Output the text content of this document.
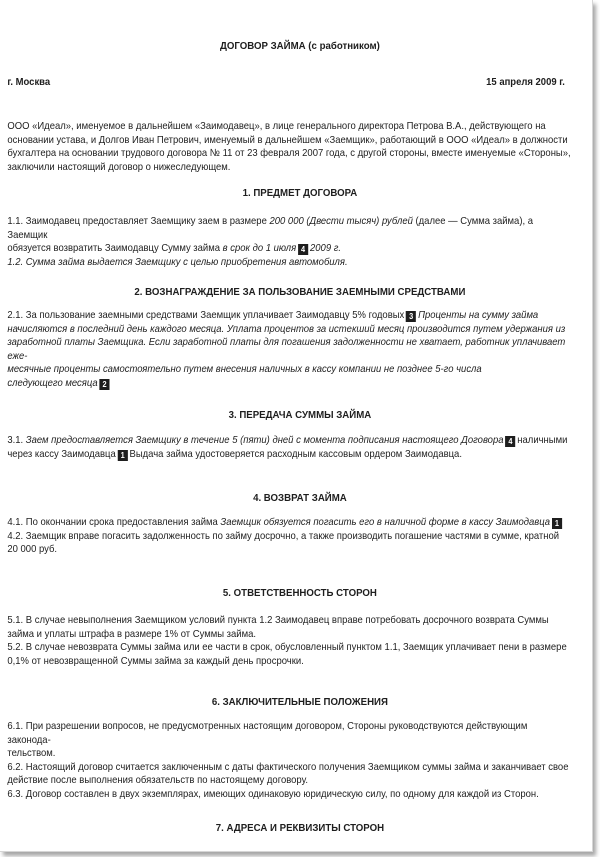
ДОГОВОР ЗАЙМА (с работником)
г. Москва	15 апреля 2009 г.

ООО «Идеал», именуемое в дальнейшем «Заимодавец», в лице генерального директора Петрова В.А., действующего на

основании устава, и Долгов Иван Петрович, именуемый в дальнейшем «Заемщик», работающий в ООО «Идеал» в должности

бухгалтера на основании трудового договора № 11 от 23 февраля 2007 года, с другой стороны, вместе именуемые «Стороны»,

заключили настоящий договор о нижеследующем.

1. ПРЕДМЕТ ДОГОВОРА

1.1. Заимодавец предоставляет Заемщику заем в размере 200 000 (Двести тысяч) рублей (далее — Сумма займа), а Заемщик

обязуется возвратить Заимодавцу Сумму займа в срок до 1 июля 4 2009 г.

1.2. Сумма займа выдается Заемщику с целью приобретения автомобиля.

2. ВОЗНАГРАЖДЕНИЕ ЗА ПОЛЬЗОВАНИЕ ЗАЕМНЫМИ СРЕДСТВАМИ

2.1. За пользование заемными средствами Заемщик уплачивает Заимодавцу 5% годовых 3 Проценты на сумму займа

начисляются в последний день каждого месяца. Уплата процентов за истекший месяц производится путем удержания из

заработной платы Заемщика. Если заработной платы для погашения задолженности не хватает, работник уплачивает еже-

месячные проценты самостоятельно путем внесения наличных в кассу компании не позднее 5-го числа

следующего месяца 2

3. ПЕРЕДАЧА СУММЫ ЗАЙМА

3.1. Заем предоставляется Заемщику в течение 5 (пяти) дней с момента подписания настоящего Договора 4 наличными

через кассу Заимодавца 1 Выдача займа удостоверяется расходным кассовым ордером Заимодавца.

4. ВОЗВРАТ ЗАЙМА

4.1. По окончании срока предоставления займа Заемщик обязуется погасить его в наличной форме в кассу Заимодавца 1

4.2. Заемщик вправе погасить задолженность по займу досрочно, а также производить погашение частями в сумме, кратной

20 000 руб.

5. ОТВЕТСТВЕННОСТЬ СТОРОН

5.1. В случае невыполнения Заемщиком условий пункта 1.2 Заимодавец вправе потребовать досрочного возврата Суммы

займа и уплаты штрафа в размере 1% от Суммы займа.

5.2. В случае невозврата Суммы займа или ее части в срок, обусловленный пунктом 1.1, Заемщик уплачивает пени в размере

0,1% от невозвращенной Суммы займа за каждый день просрочки.

6. ЗАКЛЮЧИТЕЛЬНЫЕ ПОЛОЖЕНИЯ

6.1. При разрешении вопросов, не предусмотренных настоящим договором, Стороны руководствуются действующим законода-

тельством.

6.2. Настоящий договор считается заключенным с даты фактического получения Заемщиком суммы займа и заканчивает свое

действие после выполнения обязательств по настоящему договору.

6.3. Договор составлен в двух экземплярах, имеющих одинаковую юридическую силу, по одному для каждой из Сторон.

7. АДРЕСА И РЕКВИЗИТЫ СТОРОН
